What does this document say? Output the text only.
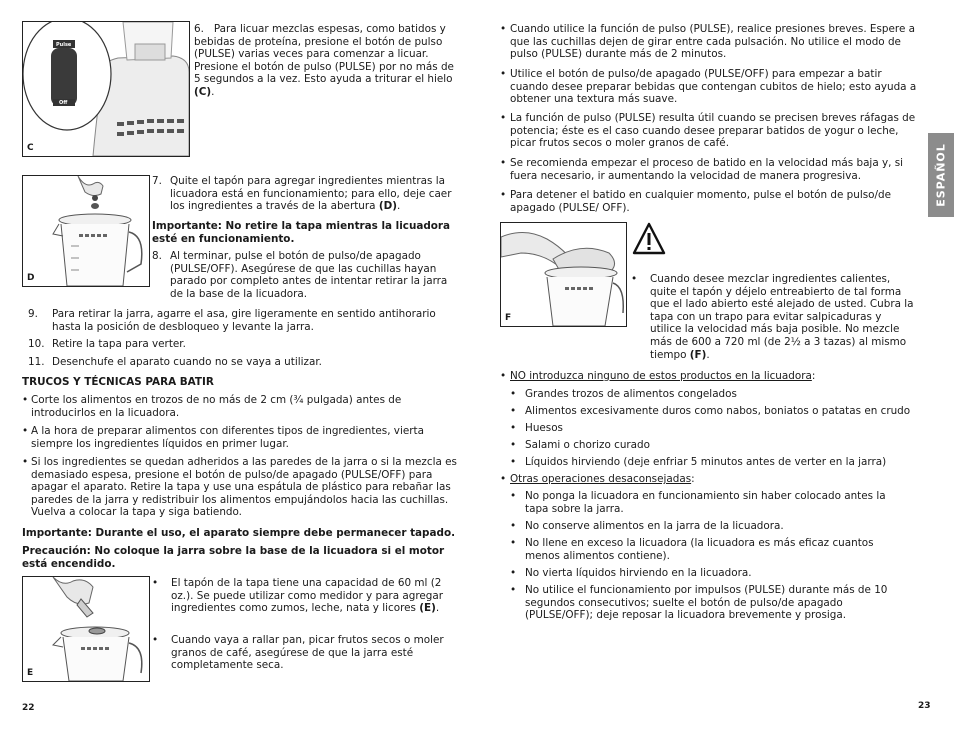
Pulse
Off
C

6. Para licuar mezclas espesas, como batidos y bebidas de proteína, presione el botón de pulso (PULSE) varias veces para comenzar a licuar. Presione el botón de pulso (PULSE) por no más de 5 segundos a la vez. Esto ayuda a triturar el hielo (C).

D
7. Quite el tapón para agregar ingredientes mientras la licuadora está en funcionamiento; para ello, deje caer los ingredientes a través de la abertura (D).

Importante: No retire la tapa mientras la licuadora esté en funcionamiento.

8. Al terminar, pulse el botón de pulso/de apagado (PULSE/OFF). Asegúrese de que las cuchillas hayan parado por completo antes de intentar retirar la jarra de la base de la licuadora.

9. Para retirar la jarra, agarre el asa, gire ligeramente en sentido antihorario hasta la posición de desbloqueo y levante la jarra.

10. Retire la tapa para verter.

11. Desenchufe el aparato cuando no se vaya a utilizar.

TRUCOS Y TÉCNICAS PARA BATIR

• Corte los alimentos en trozos de no más de 2 cm (¾ pulgada) antes de introducirlos en la licuadora.

• A la hora de preparar alimentos con diferentes tipos de ingredientes, vierta siempre los ingredientes líquidos en primer lugar.

• Si los ingredientes se quedan adheridos a las paredes de la jarra o si la mezcla es demasiado espesa, presione el botón de pulso/de apagado (PULSE/OFF) para apagar el aparato. Retire la tapa y use una espátula de plástico para rebañar las paredes de la jarra y redistribuir los alimentos empujándolos hacia las cuchillas. Vuelva a colocar la tapa y siga batiendo.

Importante: Durante el uso, el aparato siempre debe permanecer tapado.

Precaución: No coloque la jarra sobre la base de la licuadora si el motor está encendido.

E
• El tapón de la tapa tiene una capacidad de 60 ml (2 oz.). Se puede utilizar como medidor y para agregar ingredientes como zumos, leche, nata y licores (E).

• Cuando vaya a rallar pan, picar frutos secos o moler granos de café, asegúrese de que la jarra esté completamente seca.

22
• Cuando utilice la función de pulso (PULSE), realice presiones breves. Espere a que las cuchillas dejen de girar entre cada pulsación. No utilice el modo de pulso (PULSE) durante más de 2 minutos.

• Utilice el botón de pulso/de apagado (PULSE/OFF) para empezar a batir cuando desee preparar bebidas que contengan cubitos de hielo; esto ayuda a obtener una textura más suave.

• La función de pulso (PULSE) resulta útil cuando se precisen breves ráfagas de potencia; éste es el caso cuando desee preparar batidos de yogur o leche, picar frutos secos o moler granos de café.

• Se recomienda empezar el proceso de batido en la velocidad más baja y, si fuera necesario, ir aumentando la velocidad de manera progresiva.

• Para detener el batido en cualquier momento, pulse el botón de pulso/de apagado (PULSE/ OFF).

F
• Cuando desee mezclar ingredientes calientes, quite el tapón y déjelo entreabierto de tal forma que el lado abierto esté alejado de usted. Cubra la tapa con un trapo para evitar salpicaduras y utilice la velocidad más baja posible. No mezcle más de 600 a 720 ml (de 2½ a 3 tazas) al mismo tiempo (F).

• NO introduzca ninguno de estos productos en la licuadora:

• Grandes trozos de alimentos congelados

• Alimentos excesivamente duros como nabos, boniatos o patatas en crudo

• Huesos

• Salami o chorizo curado

• Líquidos hirviendo (deje enfriar 5 minutos antes de verter en la jarra)

• Otras operaciones desaconsejadas:

• No ponga la licuadora en funcionamiento sin haber colocado antes la tapa sobre la jarra.

• No conserve alimentos en la jarra de la licuadora.

• No llene en exceso la licuadora (la licuadora es más eficaz cuantos menos alimentos contiene).

• No vierta líquidos hirviendo en la licuadora.

• No utilice el funcionamiento por impulsos (PULSE) durante más de 10 segundos consecutivos; suelte el botón de pulso/de apagado (PULSE/OFF); deje reposar la licuadora brevemente y prosiga.

ESPAÑOL
23
